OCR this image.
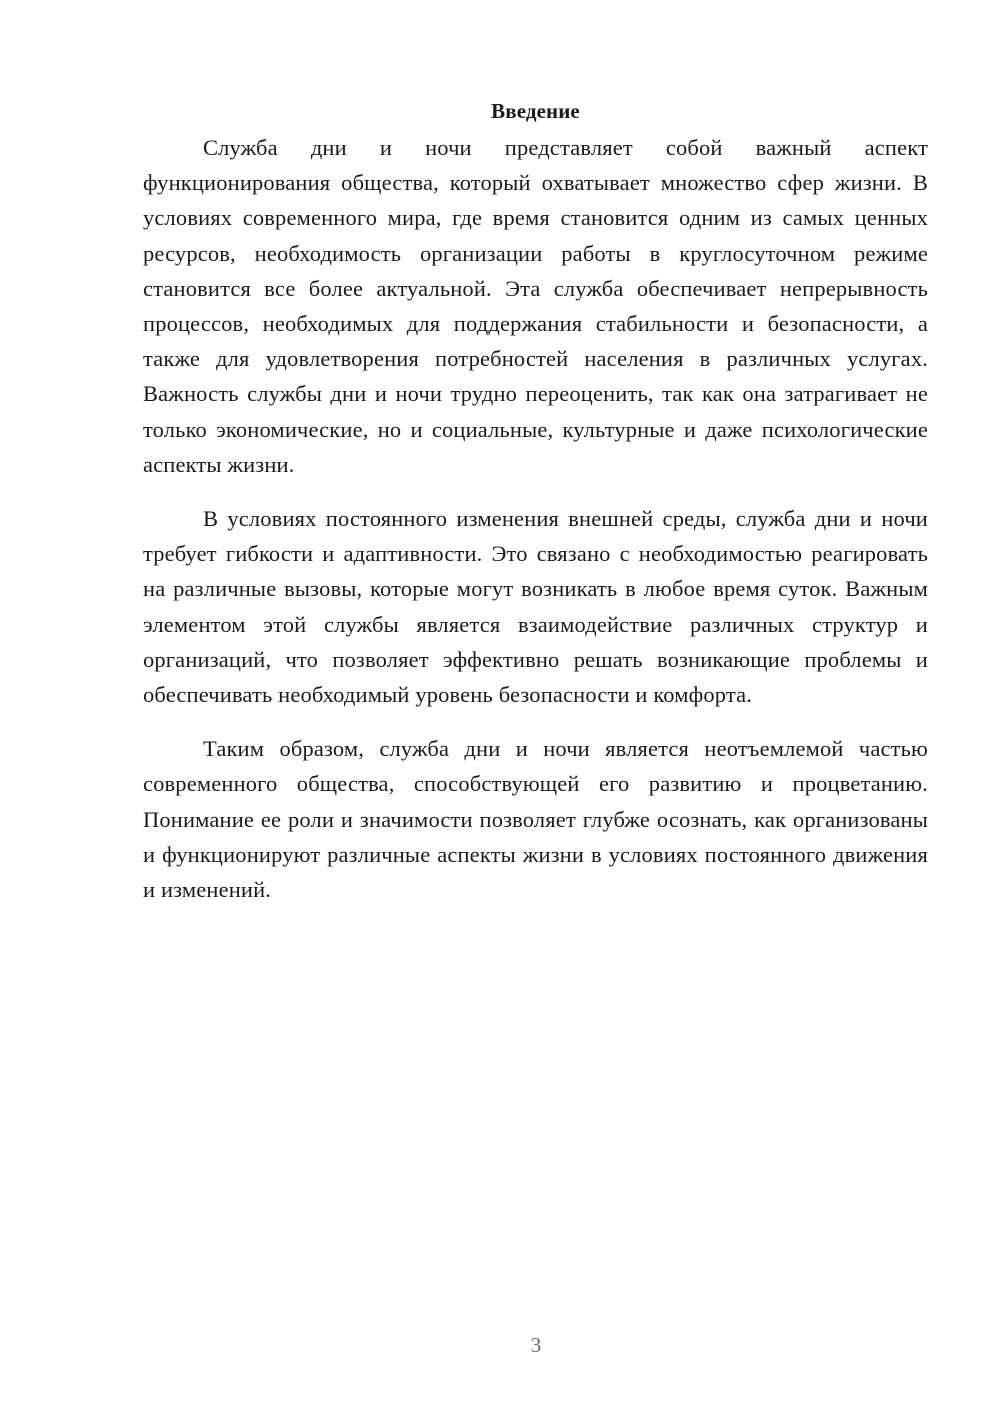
Введение

Служба дни и ночи представляет собой важный аспект функционирования общества, который охватывает множество сфер жизни. В условиях современного мира, где время становится одним из самых ценных ресурсов, необходимость организации работы в круглосуточном режиме становится все более актуальной. Эта служба обеспечивает непрерывность процессов, необходимых для поддержания стабильности и безопасности, а также для удовлетворения потребностей населения в различных услугах. Важность службы дни и ночи трудно переоценить, так как она затрагивает не только экономические, но и социальные, культурные и даже психологические аспекты жизни.

В условиях постоянного изменения внешней среды, служба дни и ночи требует гибкости и адаптивности. Это связано с необходимостью реагировать на различные вызовы, которые могут возникать в любое время суток. Важным элементом этой службы является взаимодействие различных структур и организаций, что позволяет эффективно решать возникающие проблемы и обеспечивать необходимый уровень безопасности и комфорта.

Таким образом, служба дни и ночи является неотъемлемой частью современного общества, способствующей его развитию и процветанию. Понимание ее роли и значимости позволяет глубже осознать, как организованы и функционируют различные аспекты жизни в условиях постоянного движения и изменений.

3
